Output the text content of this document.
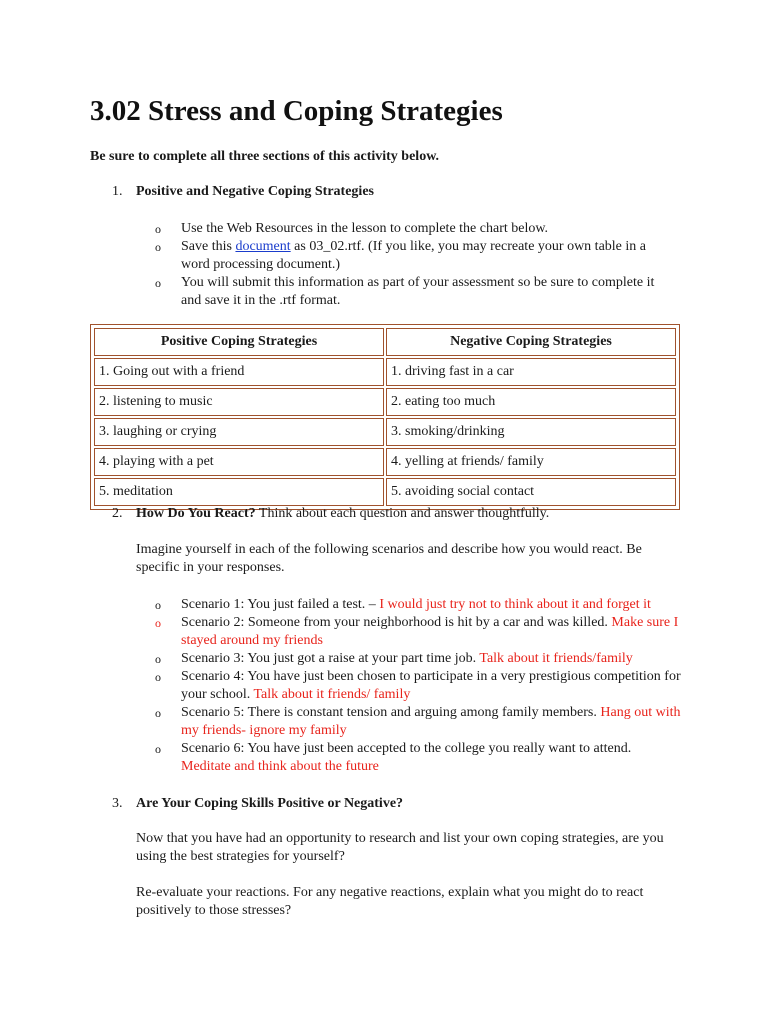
3.02 Stress and Coping Strategies
Be sure to complete all three sections of this activity below.
1. Positive and Negative Coping Strategies
o Use the Web Resources in the lesson to complete the chart below.
o Save this document as 03_02.rtf. (If you like, you may recreate your own table in a word processing document.)
o You will submit this information as part of your assessment so be sure to complete it and save it in the .rtf format.
Positive Coping Strategies	Negative Coping Strategies
1. Going out with a friend	1. driving fast in a car
2. listening to music	2. eating too much
3. laughing or crying	3. smoking/drinking
4. playing with a pet	4. yelling at friends/ family
5. meditation	5. avoiding social contact
2. How Do You React? Think about each question and answer thoughtfully.
Imagine yourself in each of the following scenarios and describe how you would react. Be specific in your responses.
o Scenario 1: You just failed a test. – I would just try not to think about it and forget it
o Scenario 2: Someone from your neighborhood is hit by a car and was killed. Make sure I stayed around my friends
o Scenario 3: You just got a raise at your part time job. Talk about it friends/family
o Scenario 4: You have just been chosen to participate in a very prestigious competition for your school. Talk about it friends/ family
o Scenario 5: There is constant tension and arguing among family members. Hang out with my friends- ignore my family
o Scenario 6: You have just been accepted to the college you really want to attend. Meditate and think about the future
3. Are Your Coping Skills Positive or Negative?
Now that you have had an opportunity to research and list your own coping strategies, are you using the best strategies for yourself?
Re-evaluate your reactions. For any negative reactions, explain what you might do to react positively to those stresses?
